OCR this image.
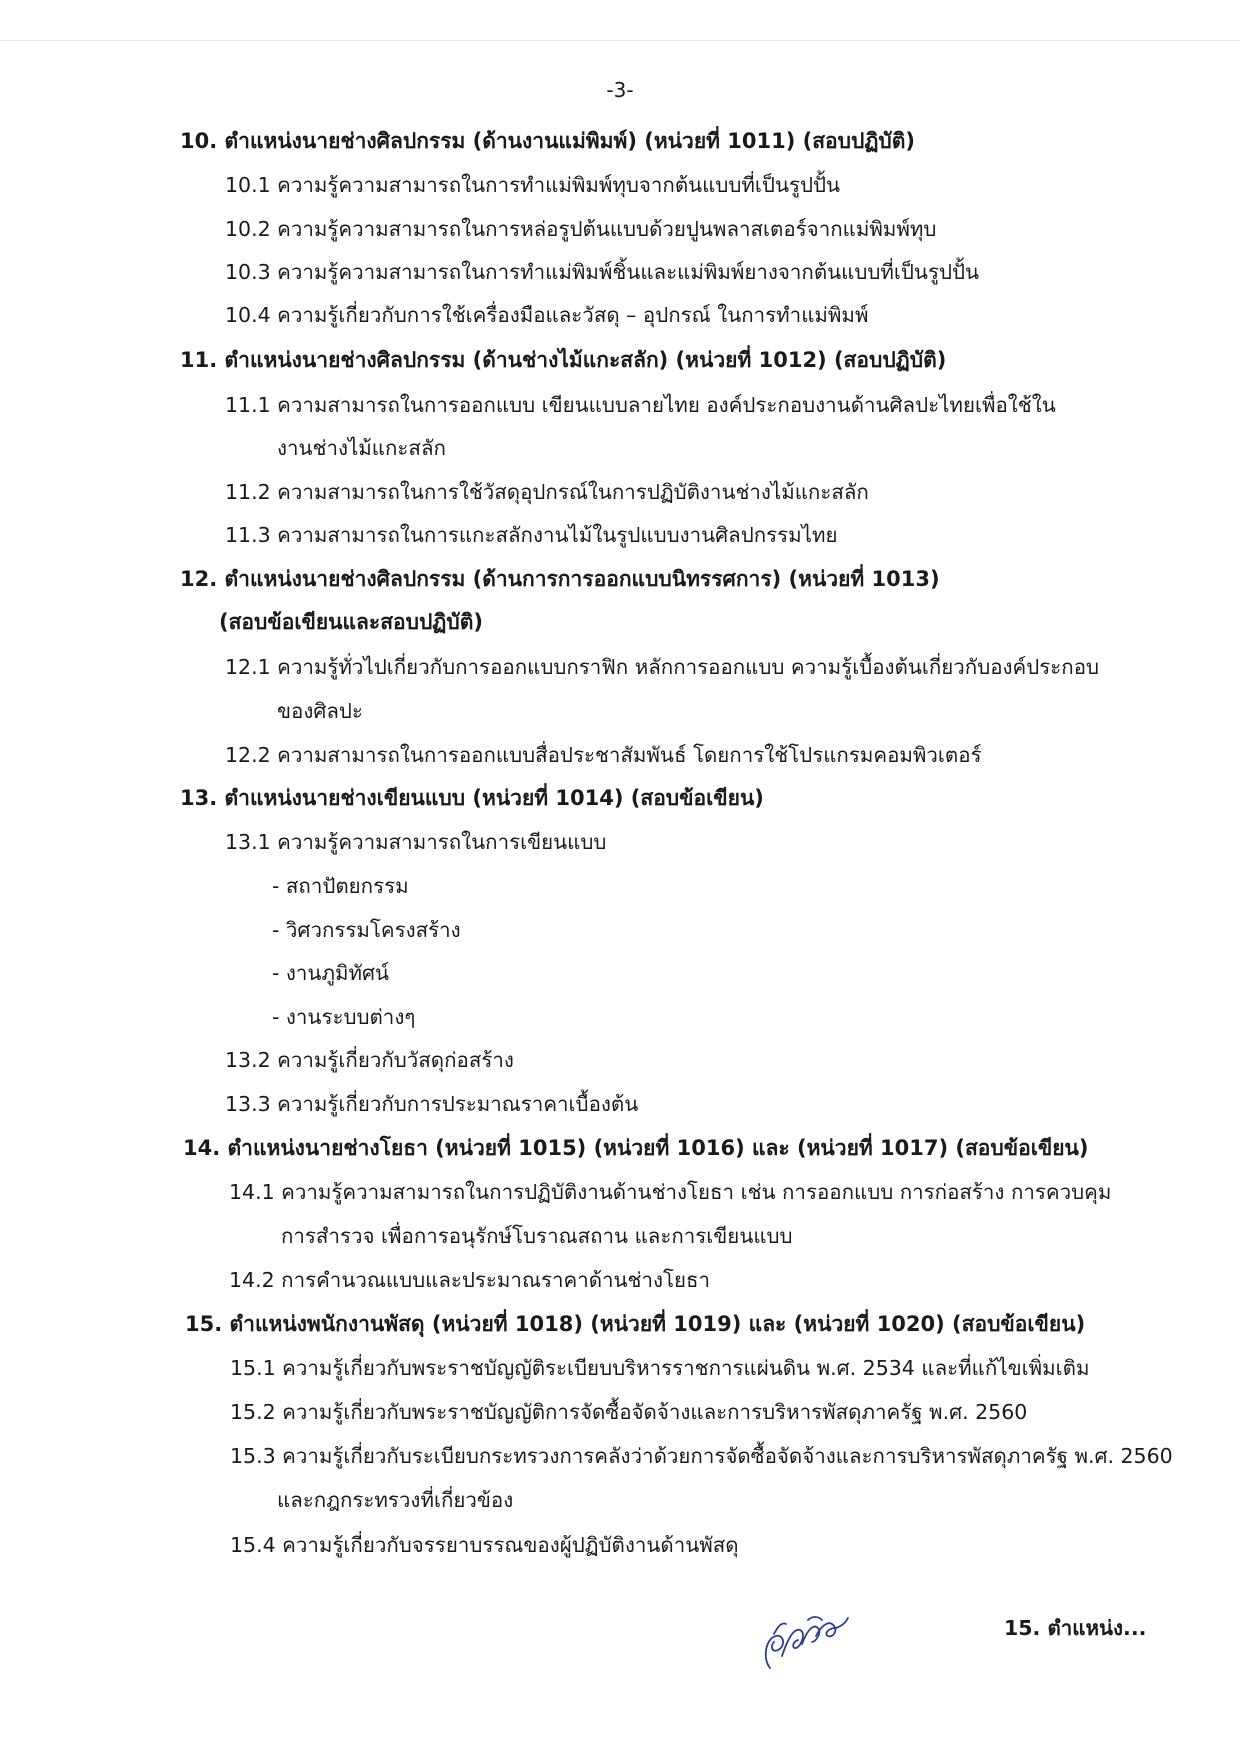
-3-
10. ตำแหน่งนายช่างศิลปกรรม (ด้านงานแม่พิมพ์) (หน่วยที่ 1011) (สอบปฏิบัติ)
10.1 ความรู้ความสามารถในการทำแม่พิมพ์ทุบจากต้นแบบที่เป็นรูปปั้น
10.2 ความรู้ความสามารถในการหล่อรูปต้นแบบด้วยปูนพลาสเตอร์จากแม่พิมพ์ทุบ
10.3 ความรู้ความสามารถในการทำแม่พิมพ์ชิ้นและแม่พิมพ์ยางจากต้นแบบที่เป็นรูปปั้น
10.4 ความรู้เกี่ยวกับการใช้เครื่องมือและวัสดุ – อุปกรณ์ ในการทำแม่พิมพ์
11. ตำแหน่งนายช่างศิลปกรรม (ด้านช่างไม้แกะสลัก) (หน่วยที่ 1012) (สอบปฏิบัติ)
11.1 ความสามารถในการออกแบบ เขียนแบบลายไทย องค์ประกอบงานด้านศิลปะไทยเพื่อใช้ใน
งานช่างไม้แกะสลัก
11.2 ความสามารถในการใช้วัสดุอุปกรณ์ในการปฏิบัติงานช่างไม้แกะสลัก
11.3 ความสามารถในการแกะสลักงานไม้ในรูปแบบงานศิลปกรรมไทย
12. ตำแหน่งนายช่างศิลปกรรม (ด้านการการออกแบบนิทรรศการ) (หน่วยที่ 1013)
(สอบข้อเขียนและสอบปฏิบัติ)
12.1 ความรู้ทั่วไปเกี่ยวกับการออกแบบกราฟิก หลักการออกแบบ ความรู้เบื้องต้นเกี่ยวกับองค์ประกอบ
ของศิลปะ
12.2 ความสามารถในการออกแบบสื่อประชาสัมพันธ์ โดยการใช้โปรแกรมคอมพิวเตอร์
13. ตำแหน่งนายช่างเขียนแบบ (หน่วยที่ 1014) (สอบข้อเขียน)
13.1 ความรู้ความสามารถในการเขียนแบบ
- สถาปัตยกรรม
- วิศวกรรมโครงสร้าง
- งานภูมิทัศน์
- งานระบบต่างๆ
13.2 ความรู้เกี่ยวกับวัสดุก่อสร้าง
13.3 ความรู้เกี่ยวกับการประมาณราคาเบื้องต้น
14. ตำแหน่งนายช่างโยธา (หน่วยที่ 1015) (หน่วยที่ 1016) และ (หน่วยที่ 1017) (สอบข้อเขียน)
14.1 ความรู้ความสามารถในการปฏิบัติงานด้านช่างโยธา เช่น การออกแบบ การก่อสร้าง การควบคุม
การสำรวจ เพื่อการอนุรักษ์โบราณสถาน และการเขียนแบบ
14.2 การคำนวณแบบและประมาณราคาด้านช่างโยธา
15. ตำแหน่งพนักงานพัสดุ (หน่วยที่ 1018) (หน่วยที่ 1019) และ (หน่วยที่ 1020) (สอบข้อเขียน)
15.1 ความรู้เกี่ยวกับพระราชบัญญัติระเบียบบริหารราชการแผ่นดิน พ.ศ. 2534 และที่แก้ไขเพิ่มเติม
15.2 ความรู้เกี่ยวกับพระราชบัญญัติการจัดซื้อจัดจ้างและการบริหารพัสดุภาครัฐ พ.ศ. 2560
15.3 ความรู้เกี่ยวกับระเบียบกระทรวงการคลังว่าด้วยการจัดซื้อจัดจ้างและการบริหารพัสดุภาครัฐ พ.ศ. 2560
และกฎกระทรวงที่เกี่ยวข้อง
15.4 ความรู้เกี่ยวกับจรรยาบรรณของผู้ปฏิบัติงานด้านพัสดุ
15. ตำแหน่ง...
